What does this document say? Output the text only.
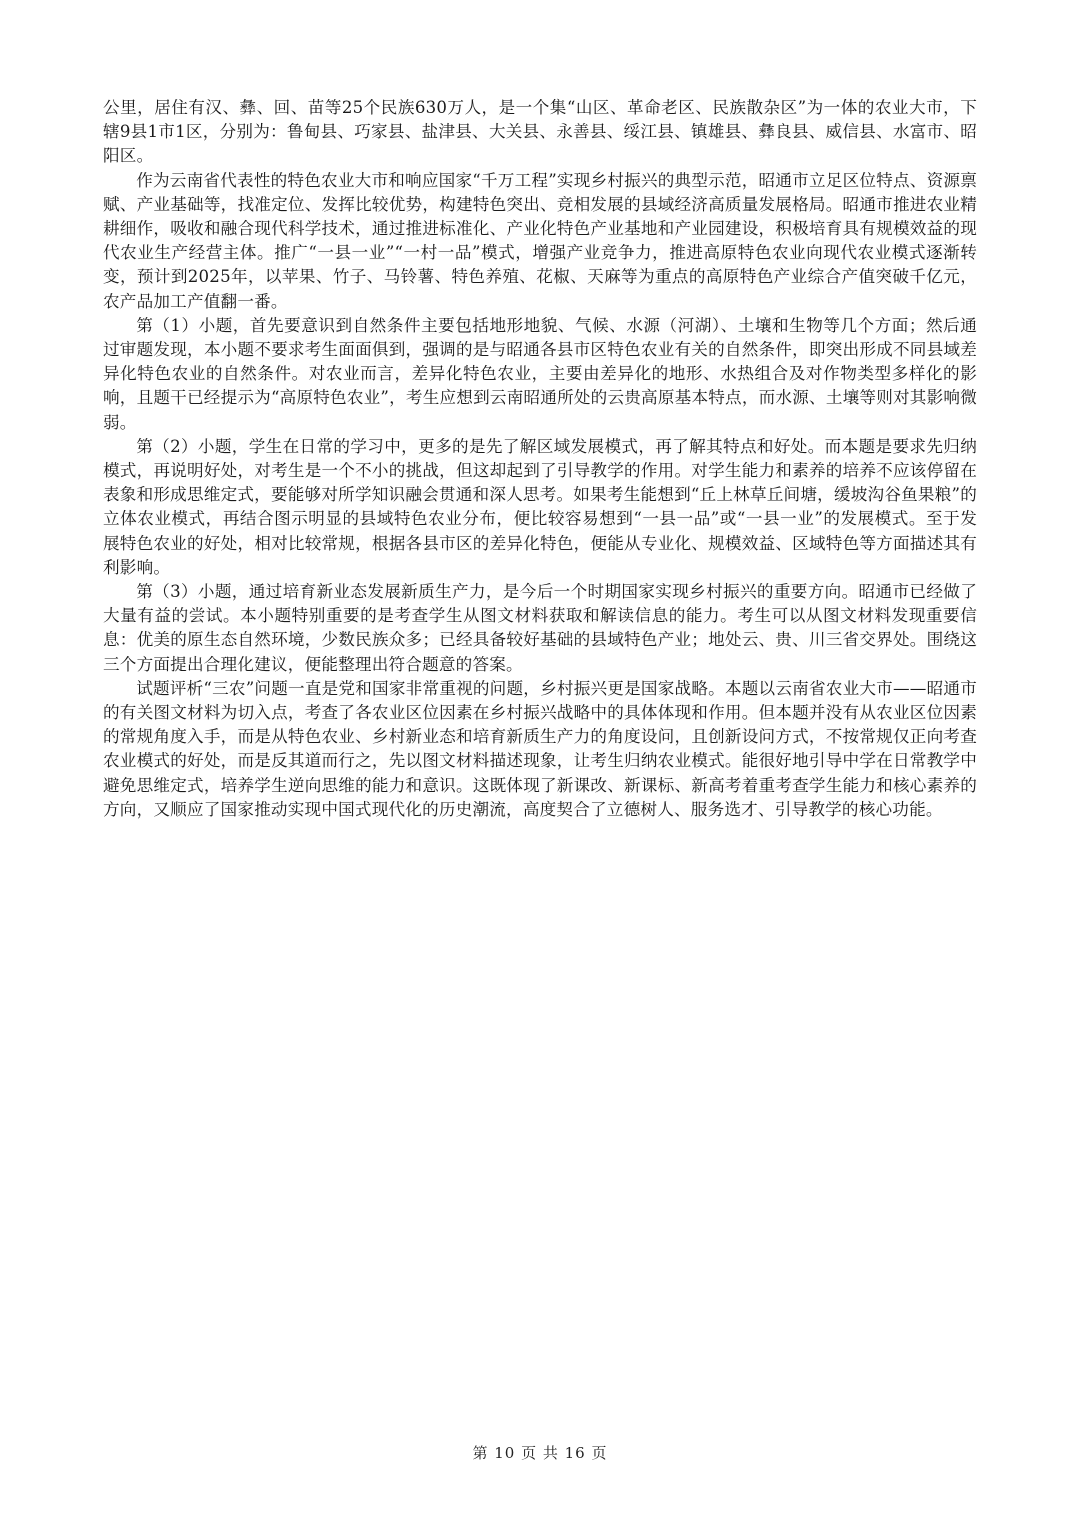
公里，居住有汉、彝、回、苗等25个民族630万人，是一个集“山区、革命老区、民族散杂区”为一体的农业大市，下辖9县1市1区，分别为：鲁甸县、巧家县、盐津县、大关县、永善县、绥江县、镇雄县、彝良县、威信县、水富市、昭阳区。

作为云南省代表性的特色农业大市和响应国家“千万工程”实现乡村振兴的典型示范，昭通市立足区位特点、资源禀赋、产业基础等，找准定位、发挥比较优势，构建特色突出、竞相发展的县域经济高质量发展格局。昭通市推进农业精耕细作，吸收和融合现代科学技术，通过推进标准化、产业化特色产业基地和产业园建设，积极培育具有规模效益的现代农业生产经营主体。推广“一县一业”“一村一品”模式，增强产业竞争力，推进高原特色农业向现代农业模式逐渐转变，预计到2025年，以苹果、竹子、马铃薯、特色养殖、花椒、天麻等为重点的高原特色产业综合产值突破千亿元，农产品加工产值翻一番。

第（1）小题，首先要意识到自然条件主要包括地形地貌、气候、水源（河湖）、土壤和生物等几个方面；然后通过审题发现，本小题不要求考生面面俱到，强调的是与昭通各县市区特色农业有关的自然条件，即突出形成不同县域差异化特色农业的自然条件。对农业而言，差异化特色农业，主要由差异化的地形、水热组合及对作物类型多样化的影响，且题干已经提示为“高原特色农业”，考生应想到云南昭通所处的云贵高原基本特点，而水源、土壤等则对其影响微弱。

第（2）小题，学生在日常的学习中，更多的是先了解区域发展模式，再了解其特点和好处。而本题是要求先归纳模式，再说明好处，对考生是一个不小的挑战，但这却起到了引导教学的作用。对学生能力和素养的培养不应该停留在表象和形成思维定式，要能够对所学知识融会贯通和深人思考。如果考生能想到“丘上林草丘间塘，缓坡沟谷鱼果粮”的立体农业模式，再结合图示明显的县域特色农业分布，便比较容易想到“一县一品”或“一县一业”的发展模式。至于发展特色农业的好处，相对比较常规，根据各县市区的差异化特色，便能从专业化、规模效益、区域特色等方面描述其有利影响。

第（3）小题，通过培育新业态发展新质生产力，是今后一个时期国家实现乡村振兴的重要方向。昭通市已经做了大量有益的尝试。本小题特别重要的是考查学生从图文材料获取和解读信息的能力。考生可以从图文材料发现重要信息：优美的原生态自然环境，少数民族众多；已经具备较好基础的县域特色产业；地处云、贵、川三省交界处。围绕这三个方面提出合理化建议，便能整理出符合题意的答案。

试题评析“三农”问题一直是党和国家非常重视的问题，乡村振兴更是国家战略。本题以云南省农业大市——昭通市的有关图文材料为切入点，考查了各农业区位因素在乡村振兴战略中的具体体现和作用。但本题并没有从农业区位因素的常规角度入手，而是从特色农业、乡村新业态和培育新质生产力的角度设问，且创新设问方式，不按常规仅正向考查农业模式的好处，而是反其道而行之，先以图文材料描述现象，让考生归纳农业模式。能很好地引导中学在日常教学中避免思维定式，培养学生逆向思维的能力和意识。这既体现了新课改、新课标、新高考着重考查学生能力和核心素养的方向，又顺应了国家推动实现中国式现代化的历史潮流，高度契合了立德树人、服务选才、引导教学的核心功能。

第 10 页 共 16 页
